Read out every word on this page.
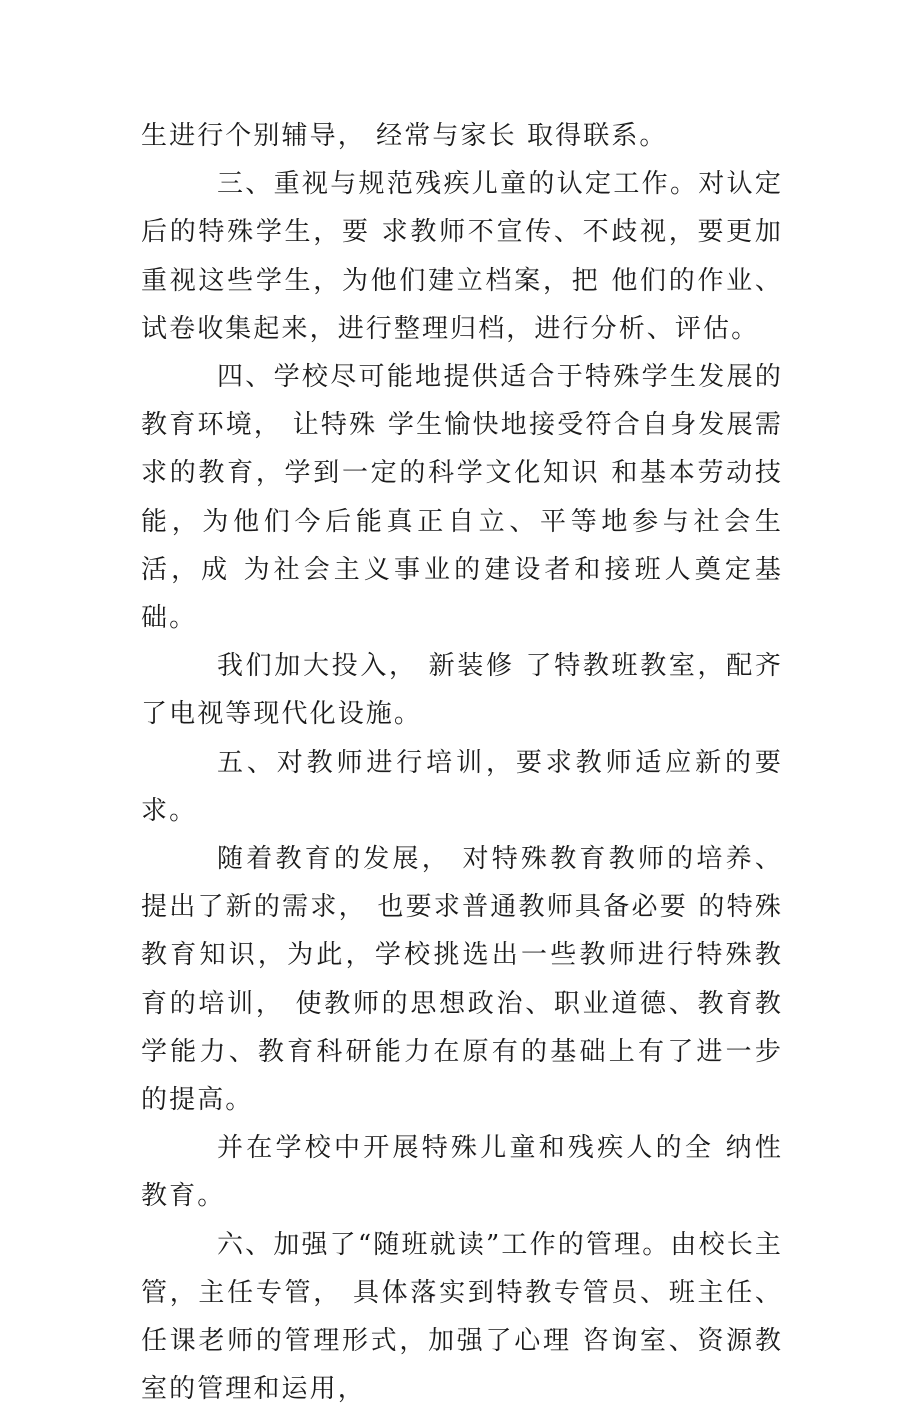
生进行个别辅导， 经常与家长 取得联系。

三、重视与规范残疾儿童的认定工作。对认定后的特殊学生，要 求教师不宣传、不歧视，要更加重视这些学生，为他们建立档案，把 他们的作业、试卷收集起来，进行整理归档，进行分析、评估。

四、学校尽可能地提供适合于特殊学生发展的教育环境， 让特殊 学生愉快地接受符合自身发展需求的教育，学到一定的科学文化知识 和基本劳动技能，为他们今后能真正自立、平等地参与社会生活，成 为社会主义事业的建设者和接班人奠定基础。

我们加大投入， 新装修 了特教班教室，配齐了电视等现代化设施。

五、对教师进行培训，要求教师适应新的要求。

随着教育的发展， 对特殊教育教师的培养、 提出了新的需求， 也要求普通教师具备必要 的特殊教育知识，为此，学校挑选出一些教师进行特殊教育的培训， 使教师的思想政治、职业道德、教育教学能力、教育科研能力在原有的基础上有了进一步的提高。

并在学校中开展特殊儿童和残疾人的全 纳性教育。

六、加强了“随班就读”工作的管理。由校长主管，主任专管， 具体落实到特教专管员、班主任、任课老师的管理形式，加强了心理 咨询室、资源教室的管理和运用，
